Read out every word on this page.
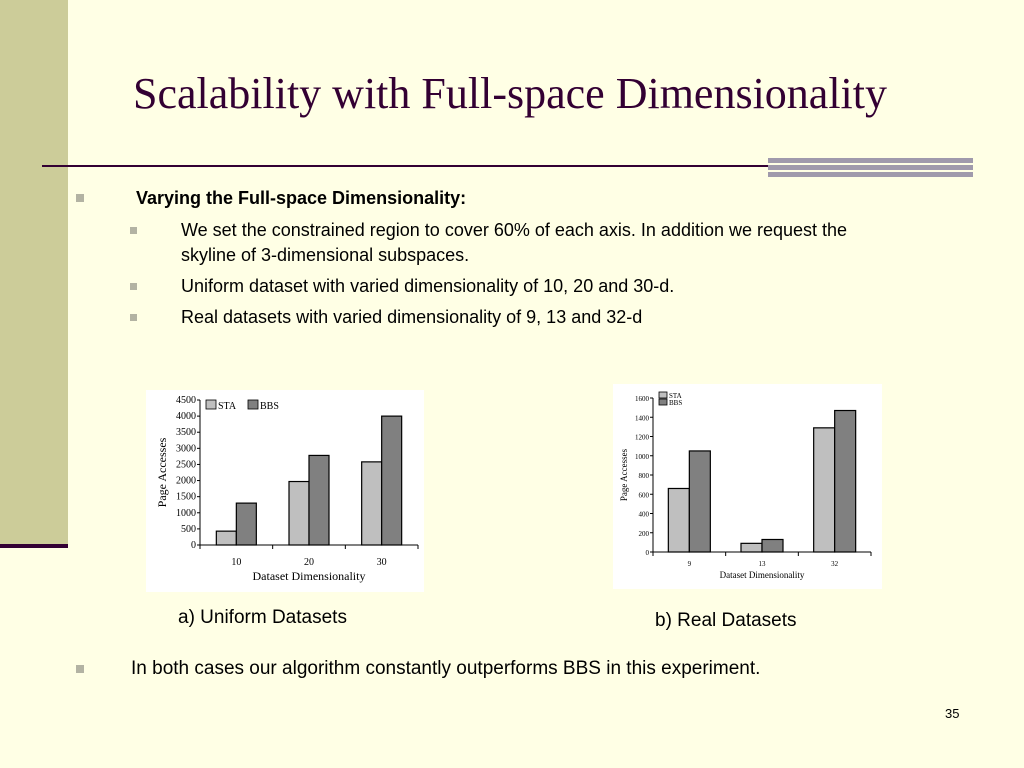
Scalability with Full-space Dimensionality
Varying the Full-space Dimensionality:
We set the constrained region to cover 60% of each axis. In addition we request the
skyline of 3-dimensional subspaces.
Uniform dataset with varied dimensionality of 10, 20 and 30-d.
Real datasets with varied dimensionality of 9, 13 and 32-d
0
500
1000
1500
2000
2500
3000
3500
4000
4500
10	20	30
Page Accesses
Dataset Dimensionality
STA BBS
0
200
400
600
800
1000
1200
1400
1600
9	13	32
Page Accesses
Dataset Dimensionality
STA
BBS
a) Uniform Datasets	b) Real Datasets
In both cases our algorithm constantly outperforms BBS in this experiment.
35
